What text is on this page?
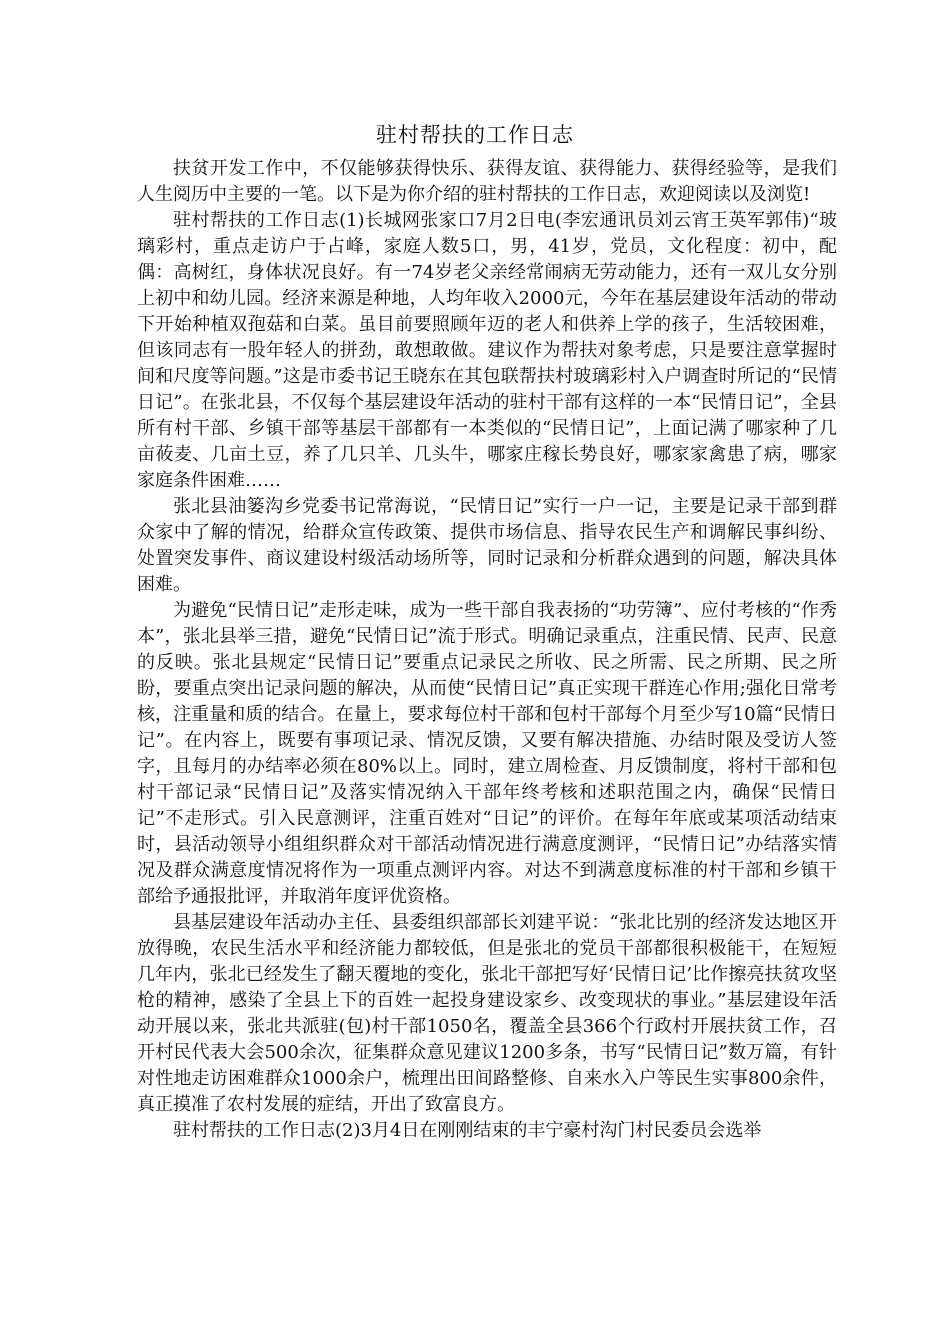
驻村帮扶的工作日志

扶贫开发工作中，不仅能够获得快乐、获得友谊、获得能力、获得经验等，是我们人生阅历中主要的一笔。以下是为你介绍的驻村帮扶的工作日志，欢迎阅读以及浏览!

驻村帮扶的工作日志(1)长城网张家口7月2日电(李宏通讯员刘云宵王英军郭伟)“玻璃彩村，重点走访户于占峰，家庭人数5口，男，41岁，党员，文化程度：初中，配偶：高树红，身体状况良好。有一74岁老父亲经常闹病无劳动能力，还有一双儿女分别上初中和幼儿园。经济来源是种地，人均年收入2000元，今年在基层建设年活动的带动下开始种植双孢菇和白菜。虽目前要照顾年迈的老人和供养上学的孩子，生活较困难，但该同志有一股年轻人的拼劲，敢想敢做。建议作为帮扶对象考虑，只是要注意掌握时间和尺度等问题。”这是市委书记王晓东在其包联帮扶村玻璃彩村入户调查时所记的“民情日记”。在张北县，不仅每个基层建设年活动的驻村干部有这样的一本“民情日记”，全县所有村干部、乡镇干部等基层干部都有一本类似的“民情日记”，上面记满了哪家种了几亩莜麦、几亩土豆，养了几只羊、几头牛，哪家庄稼长势良好，哪家家禽患了病，哪家家庭条件困难……

张北县油篓沟乡党委书记常海说，“民情日记”实行一户一记，主要是记录干部到群众家中了解的情况，给群众宣传政策、提供市场信息、指导农民生产和调解民事纠纷、处置突发事件、商议建设村级活动场所等，同时记录和分析群众遇到的问题，解决具体困难。

为避免“民情日记”走形走味，成为一些干部自我表扬的“功劳簿”、应付考核的“作秀本”，张北县举三措，避免“民情日记”流于形式。明确记录重点，注重民情、民声、民意的反映。张北县规定“民情日记”要重点记录民之所收、民之所需、民之所期、民之所盼，要重点突出记录问题的解决，从而使“民情日记”真正实现干群连心作用;强化日常考核，注重量和质的结合。在量上，要求每位村干部和包村干部每个月至少写10篇“民情日记”。在内容上，既要有事项记录、情况反馈，又要有解决措施、办结时限及受访人签字，且每月的办结率必须在80%以上。同时，建立周检查、月反馈制度，将村干部和包村干部记录“民情日记”及落实情况纳入干部年终考核和述职范围之内，确保“民情日记”不走形式。引入民意测评，注重百姓对“日记”的评价。在每年年底或某项活动结束时，县活动领导小组组织群众对干部活动情况进行满意度测评，“民情日记”办结落实情况及群众满意度情况将作为一项重点测评内容。对达不到满意度标准的村干部和乡镇干部给予通报批评，并取消年度评优资格。

县基层建设年活动办主任、县委组织部部长刘建平说：“张北比别的经济发达地区开放得晚，农民生活水平和经济能力都较低，但是张北的党员干部都很积极能干，在短短几年内，张北已经发生了翻天覆地的变化，张北干部把写好‘民情日记’比作擦亮扶贫攻坚枪的精神，感染了全县上下的百姓一起投身建设家乡、改变现状的事业。”基层建设年活动开展以来，张北共派驻(包)村干部1050名，覆盖全县366个行政村开展扶贫工作，召开村民代表大会500余次，征集群众意见建议1200多条，书写“民情日记”数万篇，有针对性地走访困难群众1000余户，梳理出田间路整修、自来水入户等民生实事800余件，真正摸准了农村发展的症结，开出了致富良方。

驻村帮扶的工作日志(2)3月4日在刚刚结束的丰宁豪村沟门村民委员会选举
